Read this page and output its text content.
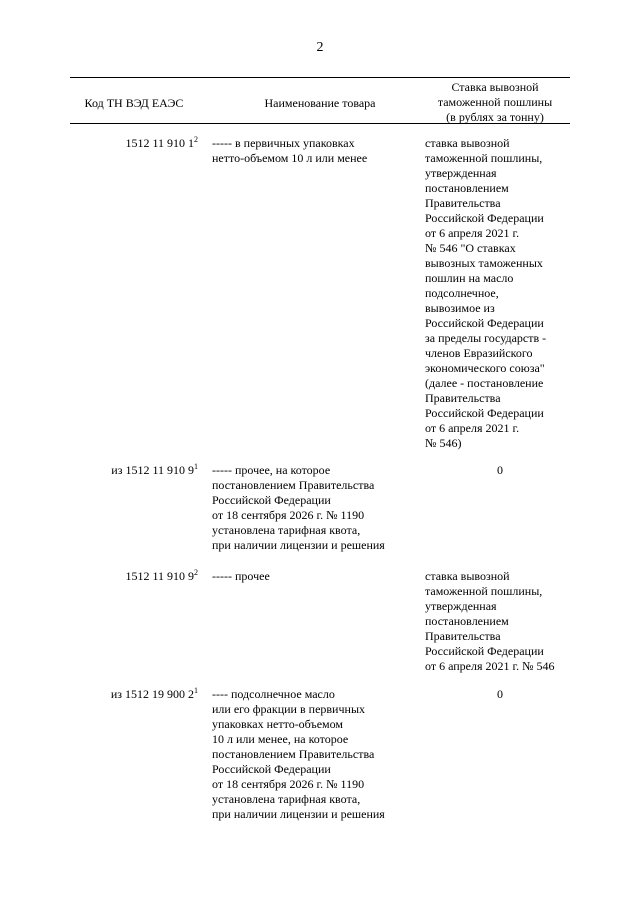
2
Код ТН ВЭД ЕАЭС	Наименование товара
Ставка вывозной
таможенной пошлины
(в рублях за тонну)
1512 11 910 $1^2$ ----- в первичных упаковках
нетто-объемом 10 л или менее
ставка вывозной
таможенной пошлины,
утвержденная
постановлением
Правительства
Российской Федерации
от 6 апреля 2021 г.
№ 546 "О ставках
вывозных таможенных
пошлин на масло
подсолнечное,
вывозимое из
Российской Федерации
за пределы государств -
членов Евразийского
экономического союза"
(далее - постановление
Правительства
Российской Федерации
от 6 апреля 2021 г.
№ 546)
из 1512 11 910 $9^1$ ----- прочее, на которое
постановлением Правительства
Российской Федерации
от 18 сентября 2026 г. № 1190
установлена тарифная квота,
при наличии лицензии и решения
0
1512 11 910 $9^2$ ----- прочее	ставка вывозной
таможенной пошлины,
утвержденная
постановлением
Правительства
Российской Федерации
от 6 апреля 2021 г. № 546
из 1512 19 900 $2^1$ ---- подсолнечное масло
или его фракции в первичных
упаковках нетто-объемом
10 л или менее, на которое
постановлением Правительства
Российской Федерации
от 18 сентября 2026 г. № 1190
установлена тарифная квота,
при наличии лицензии и решения
0
